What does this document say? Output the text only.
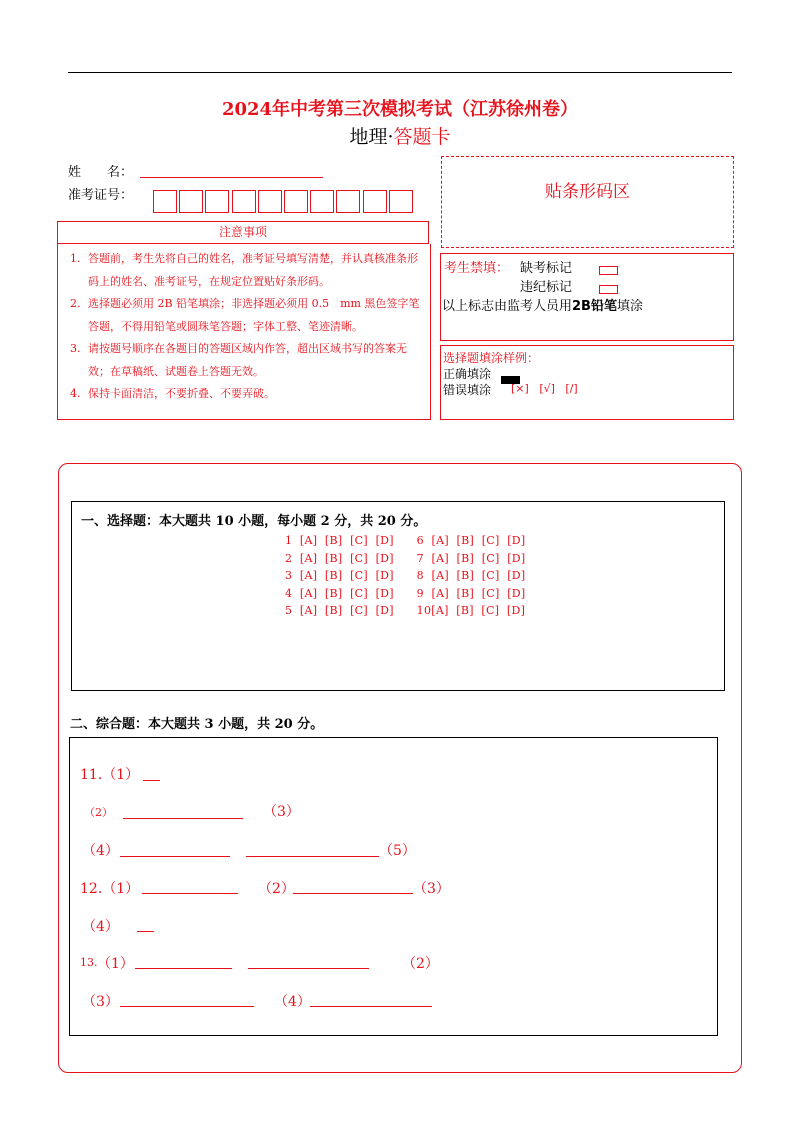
2024年中考第三次模拟考试（江苏徐州卷）
地理·答题卡
姓　　名：
准考证号：
注意事项
1. 答题前，考生先将自己的姓名，准考证号填写清楚，并认真核准条形码上的姓名、准考证号，在规定位置贴好条形码。
2. 选择题必须用 2B 铅笔填涂；非选择题必须用 0.5　mm 黑色签字笔答题，不得用铅笔或圆珠笔答题；字体工整、笔迹清晰。
3. 请按题号顺序在各题目的答题区域内作答，超出区域书写的答案无效；在草稿纸、试题卷上答题无效。
4. 保持卡面清洁，不要折叠、不要弄破。
贴条形码区
考生禁填： 缺考标记
违纪标记
以上标志由监考人员用2B铅笔填涂
选择题填涂样例：
正确填涂
错误填涂 [×] [√] [/]
一、选择题：本大题共 10 小题，每小题 2 分，共 20 分。
1  [A]  [B]  [C]  [D]      6  [A]  [B]  [C]  [D]
2  [A]  [B]  [C]  [D]      7  [A]  [B]  [C]  [D]
3  [A]  [B]  [C]  [D]      8  [A]  [B]  [C]  [D]
4  [A]  [B]  [C]  [D]      9  [A]  [B]  [C]  [D]
5  [A]  [B]  [C]  [D]      10[A]  [B]  [C]  [D]
二、综合题：本大题共 3 小题，共 20 分。
11.（1）
（2）	（3）
（4）	（5）
12.（1）	（2）	（3）
（4）
13. （1）	（2）
（3）	（4）
